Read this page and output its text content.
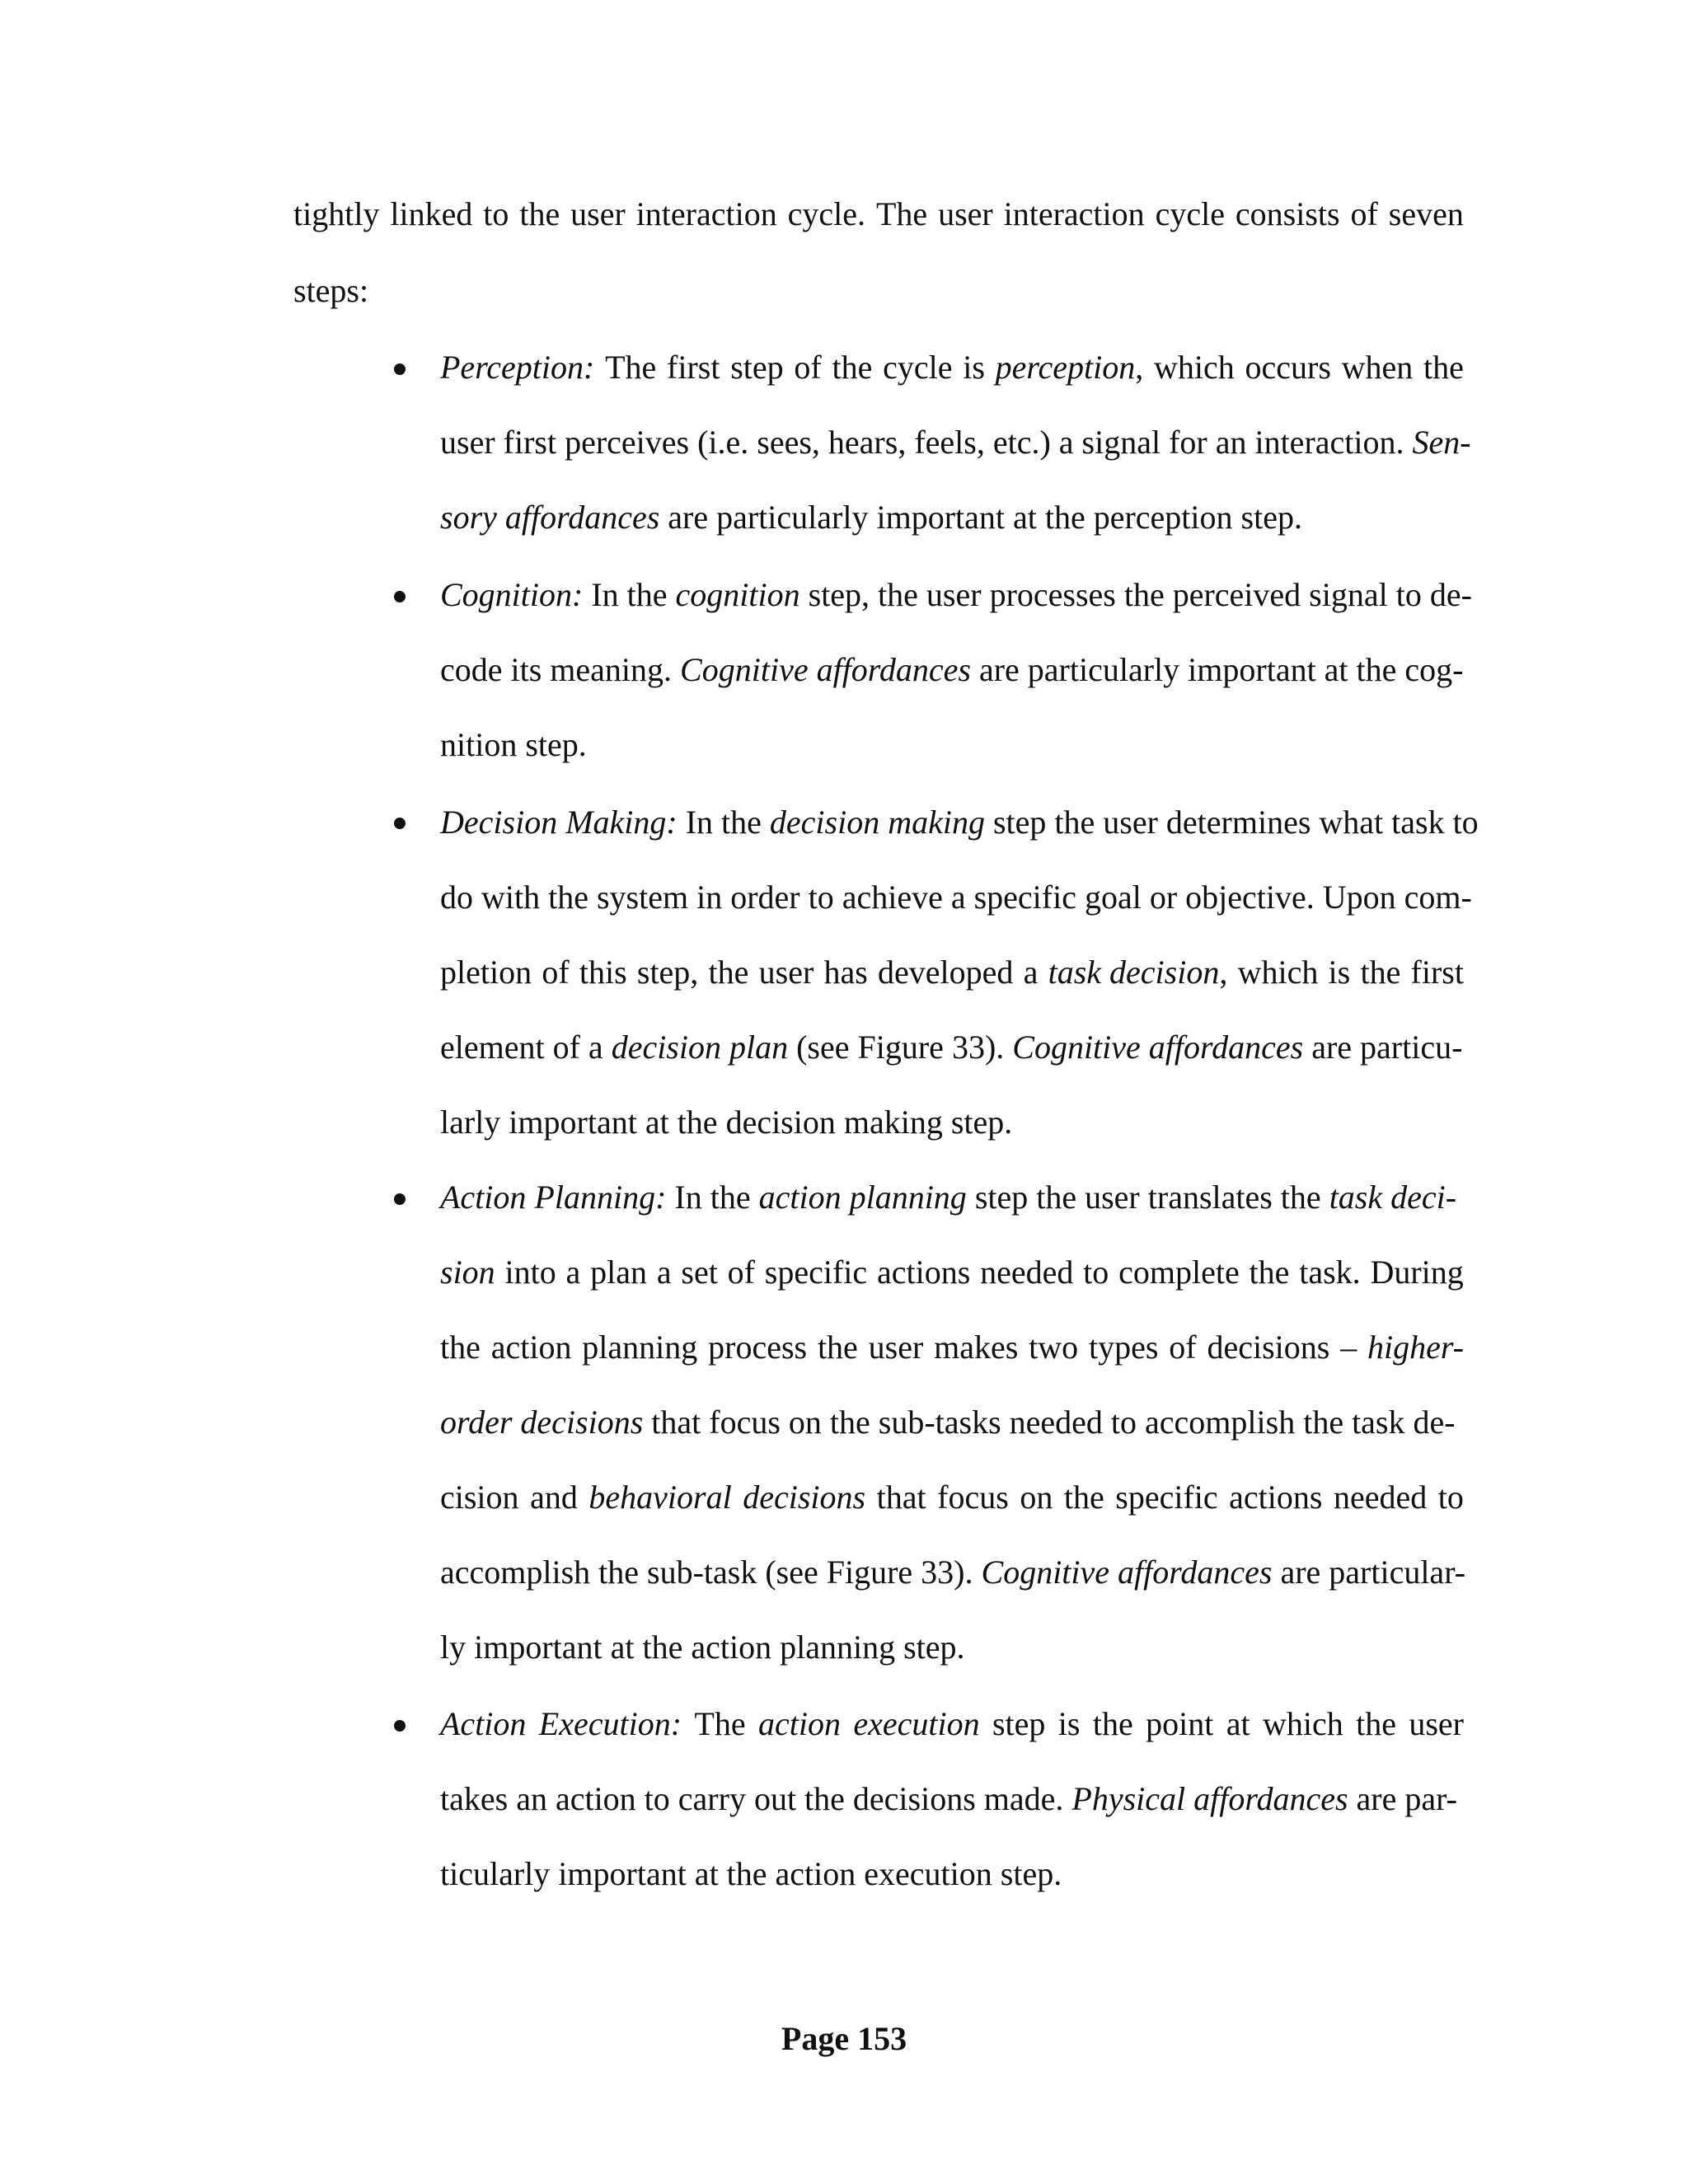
tightly linked to the user interaction cycle. The user interaction cycle consists of seven
steps:
Perception: The first step of the cycle is perception, which occurs when the
user first perceives (i.e. sees, hears, feels, etc.) a signal for an interaction. Sen-
sory affordances are particularly important at the perception step.
Cognition: In the cognition step, the user processes the perceived signal to de-
code its meaning. Cognitive affordances are particularly important at the cog-
nition step.
Decision Making: In the decision making step the user determines what task to
do with the system in order to achieve a specific goal or objective. Upon com-
pletion of this step, the user has developed a task decision, which is the first
element of a decision plan (see Figure 33). Cognitive affordances are particu-
larly important at the decision making step.
Action Planning: In the action planning step the user translates the task deci-
sion into a plan a set of specific actions needed to complete the task. During
the action planning process the user makes two types of decisions – higher-
order decisions that focus on the sub-tasks needed to accomplish the task de-
cision and behavioral decisions that focus on the specific actions needed to
accomplish the sub-task (see Figure 33). Cognitive affordances are particular-
ly important at the action planning step.
Action Execution: The action execution step is the point at which the user
takes an action to carry out the decisions made. Physical affordances are par-
ticularly important at the action execution step.
Page 153
